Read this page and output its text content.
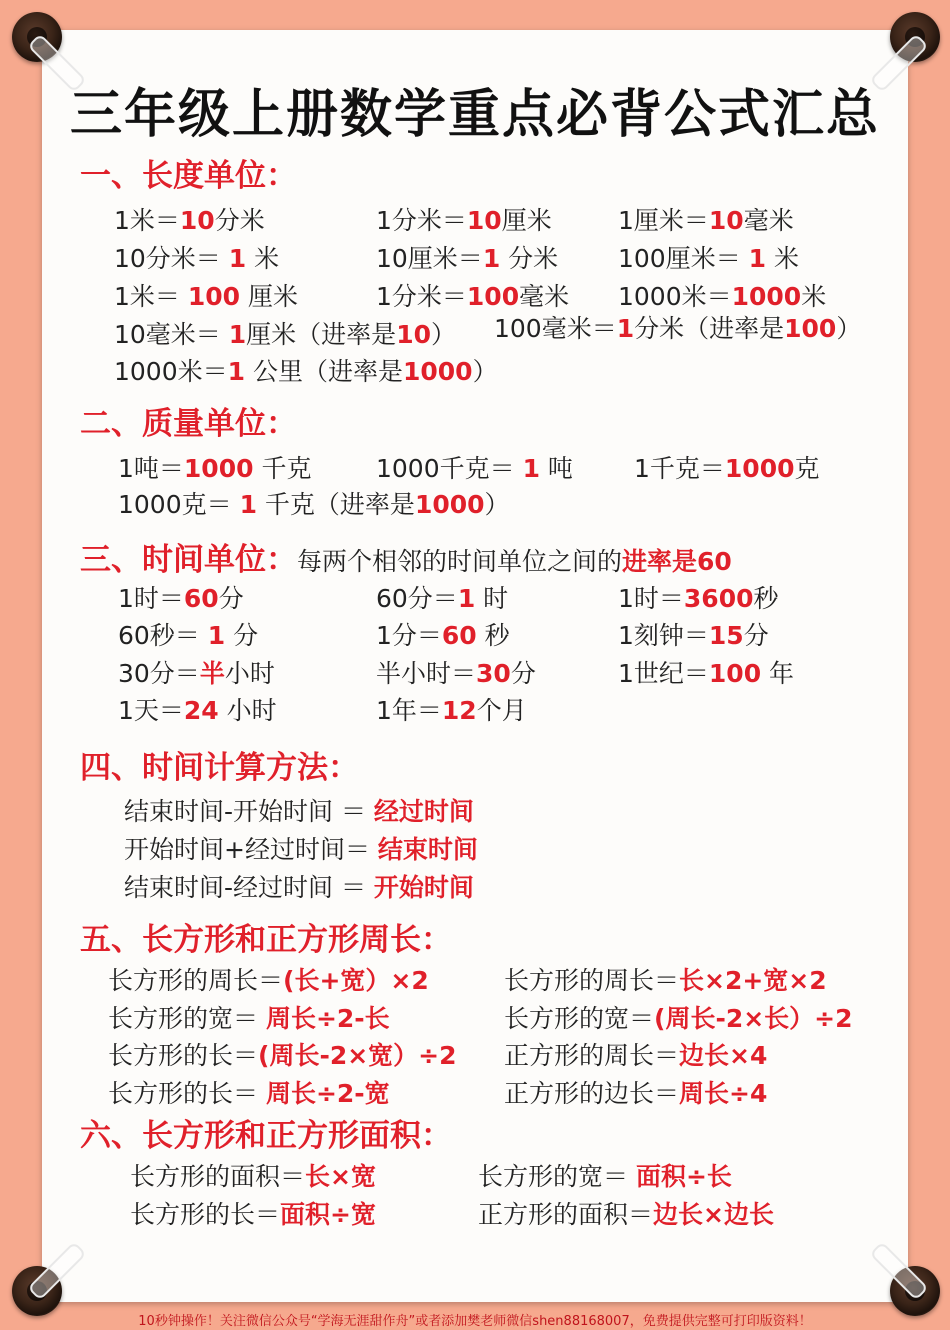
三年级上册数学重点必背公式汇总
一、长度单位：
二、质量单位：
三、时间单位：每两个相邻的时间单位之间的进率是60
四、时间计算方法：
五、长方形和正方形周长：
六、长方形和正方形面积：
1米＝10分米	1分米＝10厘米	1厘米＝10毫米
10分米＝ 1 米	10厘米＝1 分米 100厘米＝ 1 米
1米＝ 100 厘米	1分米＝100毫米 1000米＝1000米
10毫米＝ 1厘米（进率是10） 100毫米＝1分米（进率是100）
1000米＝1 公里（进率是1000）
1吨＝1000 千克	1000千克＝ 1 吨 1千克＝1000克
1000克＝ 1 千克（进率是1000）
1时＝60分	60分＝1 时	1时＝3600秒
60秒＝ 1 分	1分＝60 秒	1刻钟＝15分
30分＝半小时	半小时＝30分	1世纪＝100 年
1天＝24 小时	1年＝12个月
结束时间-开始时间 ＝ 经过时间
开始时间+经过时间＝ 结束时间
结束时间-经过时间 ＝ 开始时间
长方形的周长＝(长+宽）×2	长方形的周长＝长×2+宽×2
长方形的宽＝ 周长÷2-长	长方形的宽＝(周长-2×长）÷2
长方形的长＝(周长-2×宽）÷2 正方形的周长＝边长×4
长方形的长＝ 周长÷2-宽	正方形的边长＝周长÷4
长方形的面积＝长×宽	长方形的宽＝ 面积÷长
长方形的长＝面积÷宽	正方形的面积＝边长×边长
10秒钟操作！关注微信公众号“学海无涯甜作舟”或者添加樊老师微信shen88168007，免费提供完整可打印版资料！
